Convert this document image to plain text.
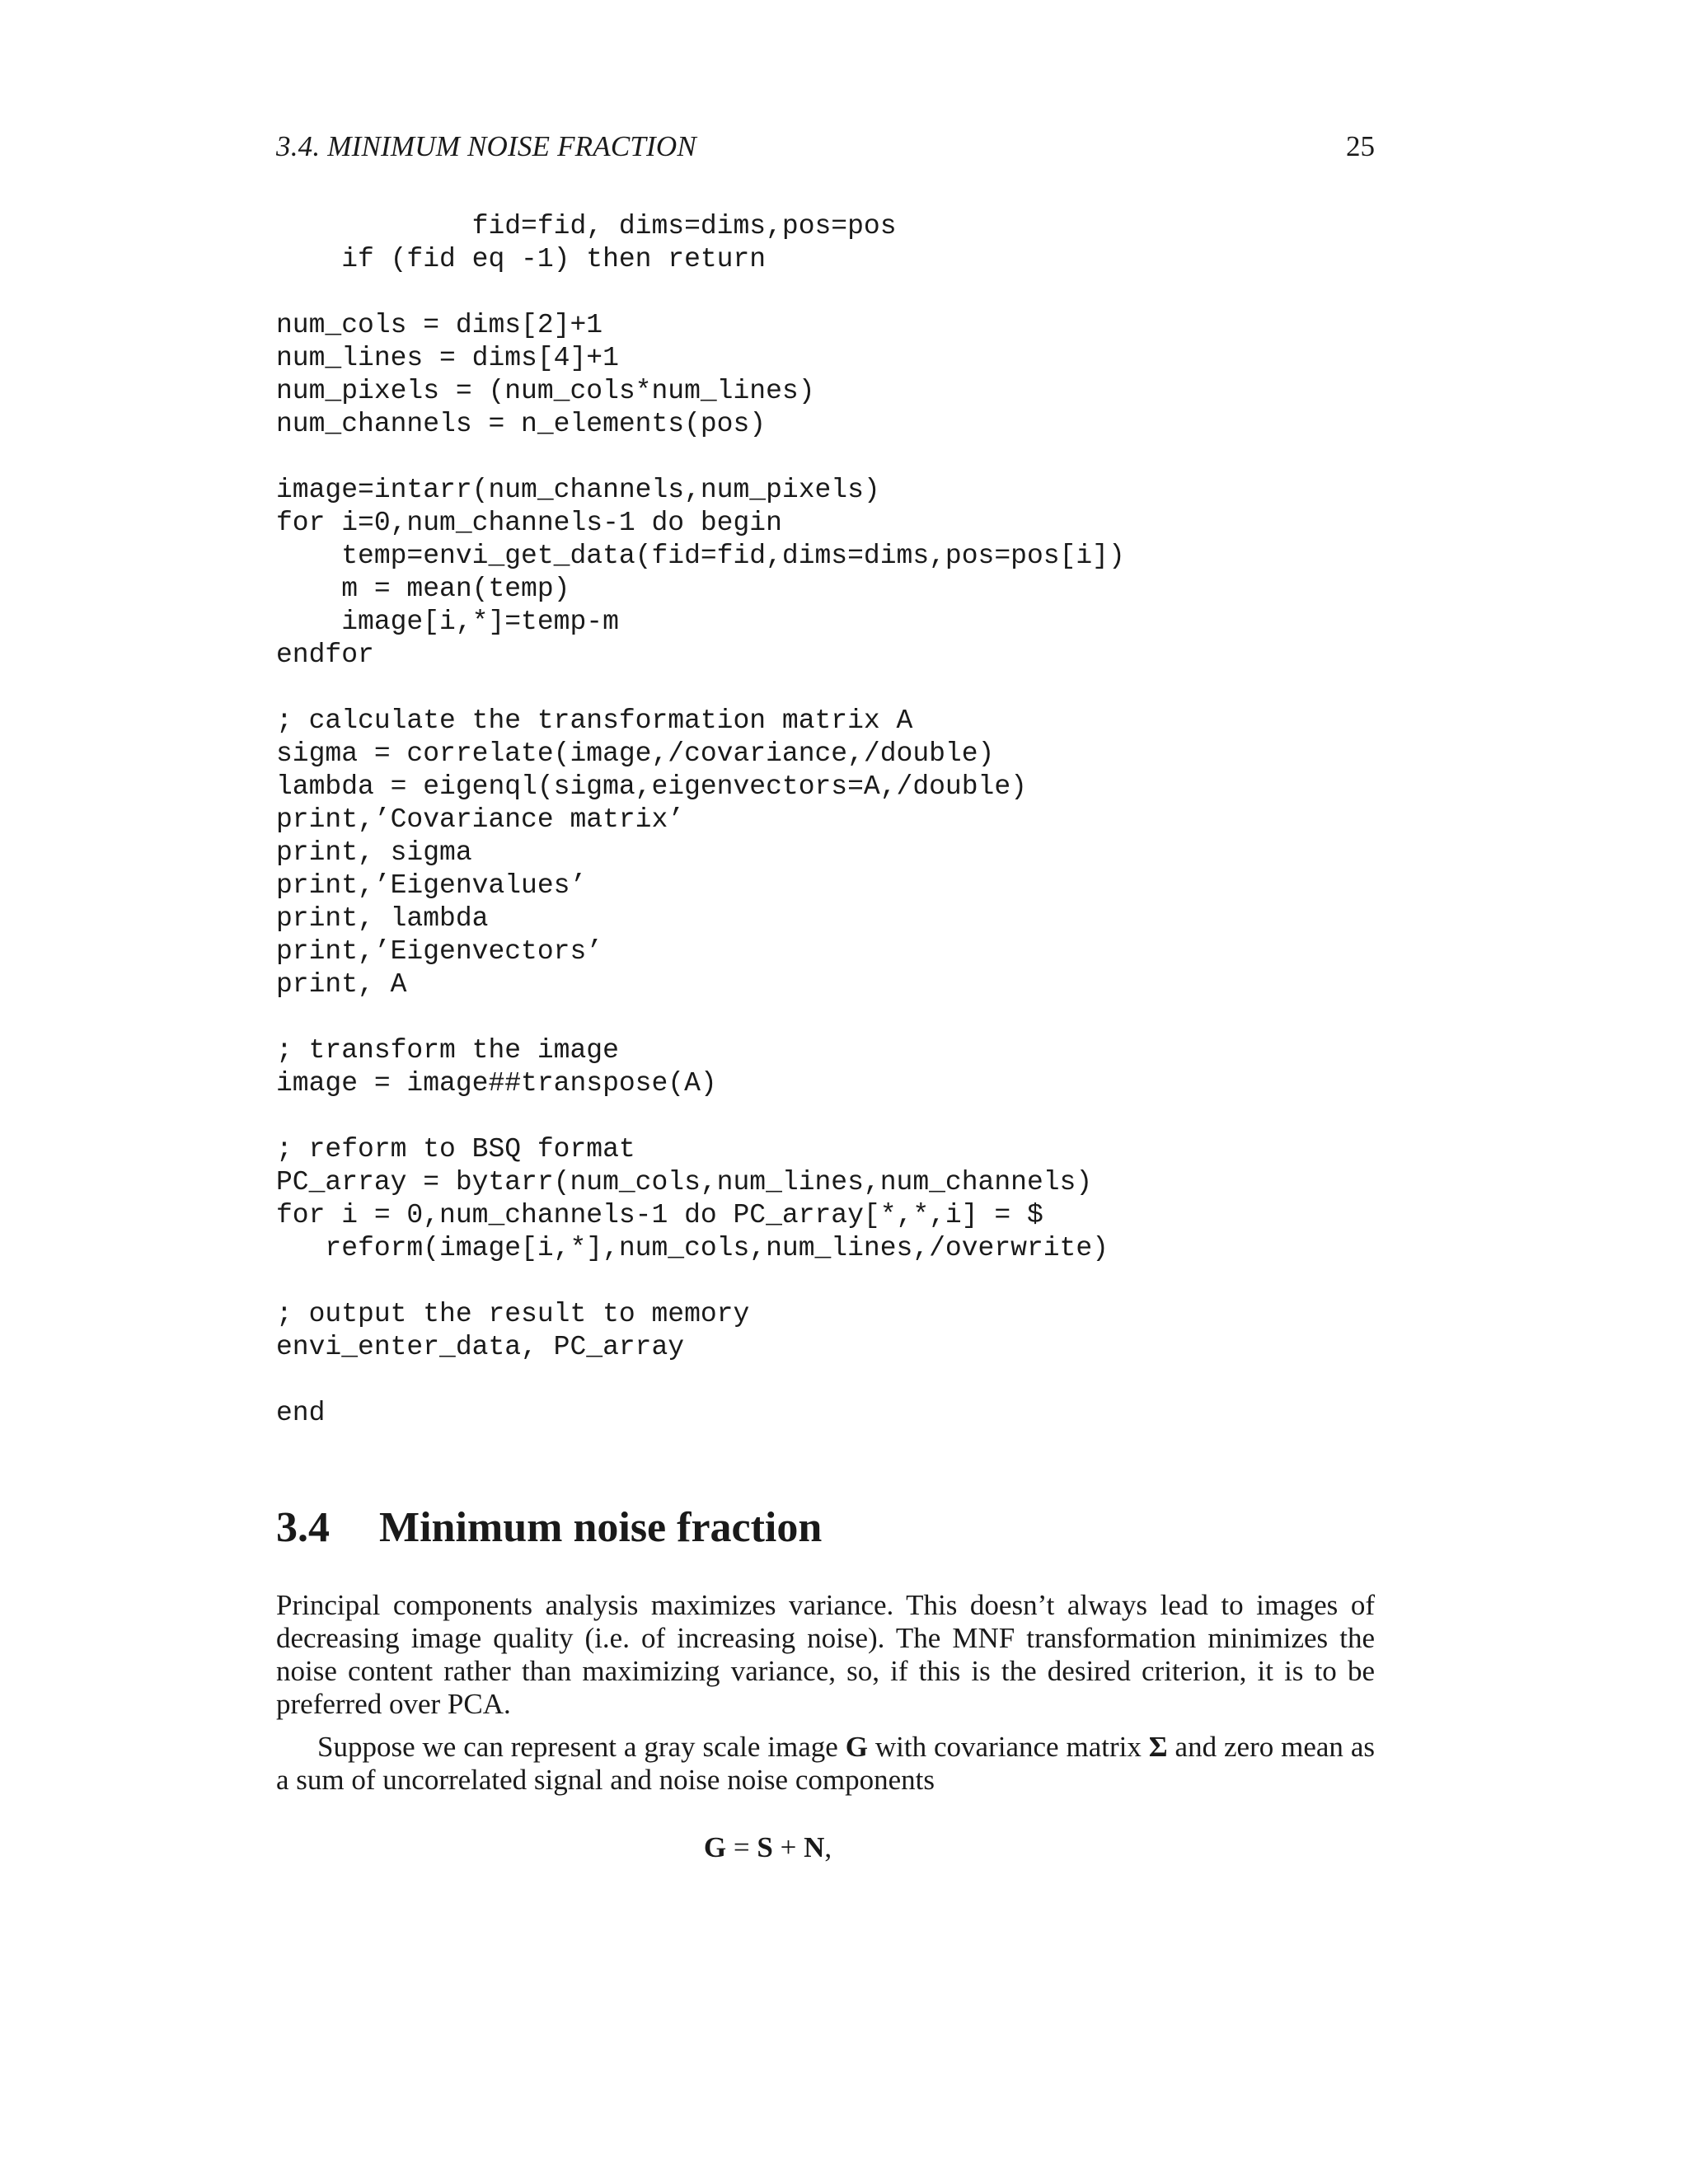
3.4. MINIMUM NOISE FRACTION	25
fid=fid, dims=dims,pos=pos
if (fid eq -1) then return

num_cols = dims[2]+1
num_lines = dims[4]+1
num_pixels = (num_cols*num_lines)
num_channels = n_elements(pos)

image=intarr(num_channels,num_pixels)
for i=0,num_channels-1 do begin
temp=envi_get_data(fid=fid,dims=dims,pos=pos[i])
m = mean(temp)
image[i,*]=temp-m
endfor

; calculate the transformation matrix A
sigma = correlate(image,/covariance,/double)
lambda = eigenql(sigma,eigenvectors=A,/double)
print,’Covariance matrix’
print, sigma
print,’Eigenvalues’
print, lambda
print,’Eigenvectors’
print, A

; transform the image
image = image##transpose(A)

; reform to BSQ format
PC_array = bytarr(num_cols,num_lines,num_channels)
for i = 0,num_channels-1 do PC_array[*,*,i] = $
reform(image[i,*],num_cols,num_lines,/overwrite)

; output the result to memory
envi_enter_data, PC_array

end
3.4 Minimum noise fraction

Principal components analysis maximizes variance. This doesn’t always lead to images of decreasing image quality (i.e. of increasing noise). The MNF transformation minimizes the noise content rather than maximizing variance, so, if this is the desired criterion, it is to be preferred over PCA.

Suppose we can represent a gray scale image G with covariance matrix Σ and zero mean as a sum of uncorrelated signal and noise noise components

G = S + N,
